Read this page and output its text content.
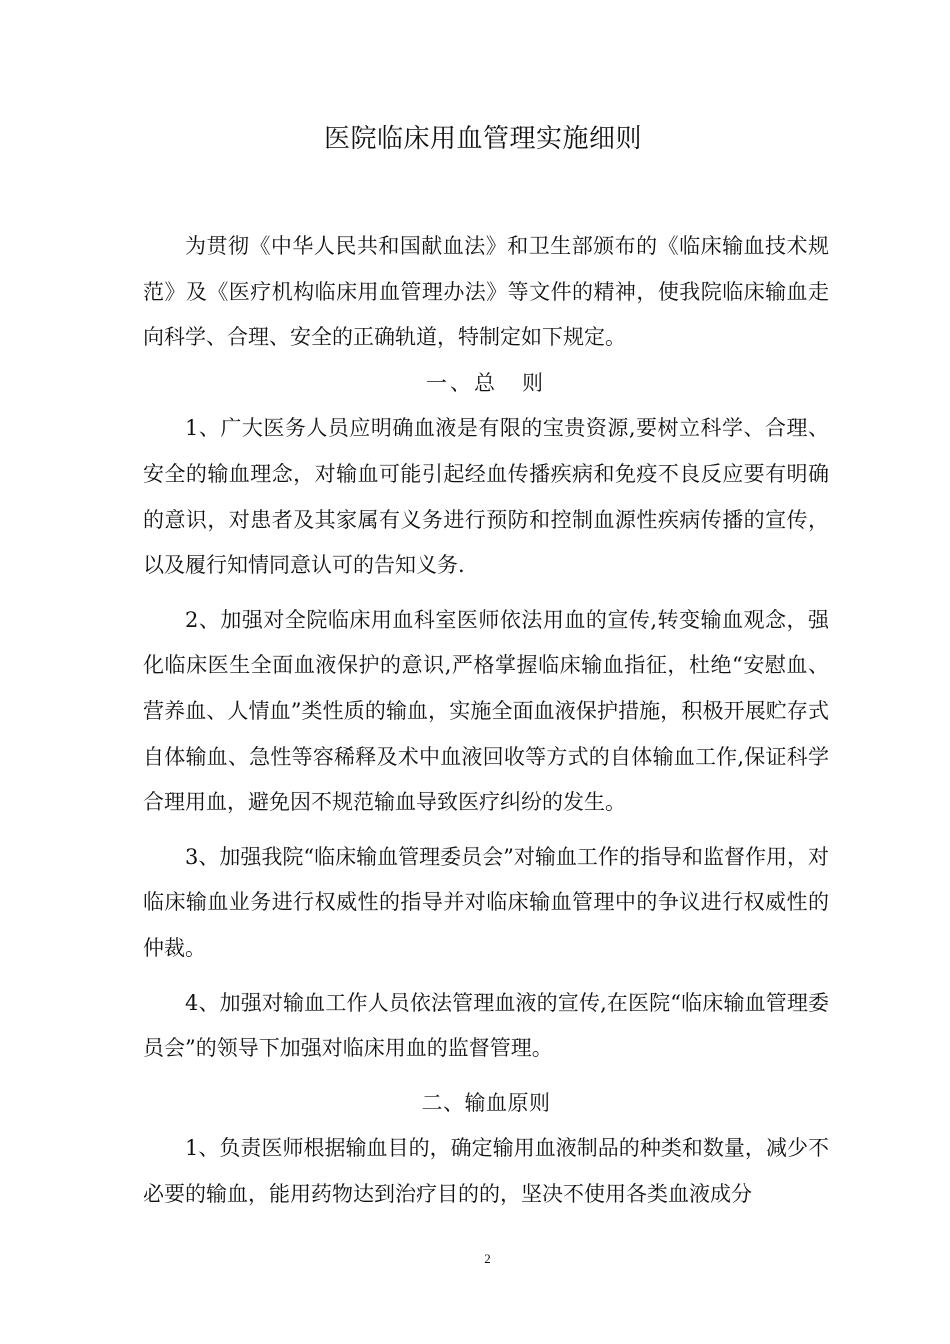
医院临床用血管理实施细则

为贯彻《中华人民共和国献血法》和卫生部颁布的《临床输血技术规范》及《医疗机构临床用血管理办法》等文件的精神，使我院临床输血走向科学、合理、安全的正确轨道，特制定如下规定。

一、总　则

1、广大医务人员应明确血液是有限的宝贵资源,要树立科学、合理、安全的输血理念，对输血可能引起经血传播疾病和免疫不良反应要有明确的意识，对患者及其家属有义务进行预防和控制血源性疾病传播的宣传，以及履行知情同意认可的告知义务.

2、加强对全院临床用血科室医师依法用血的宣传,转变输血观念，强化临床医生全面血液保护的意识,严格掌握临床输血指征，杜绝“安慰血、营养血、人情血”类性质的输血，实施全面血液保护措施，积极开展贮存式自体输血、急性等容稀释及术中血液回收等方式的自体输血工作,保证科学合理用血，避免因不规范输血导致医疗纠纷的发生。

3、加强我院“临床输血管理委员会”对输血工作的指导和监督作用，对临床输血业务进行权威性的指导并对临床输血管理中的争议进行权威性的仲裁。

4、加强对输血工作人员依法管理血液的宣传,在医院“临床输血管理委员会”的领导下加强对临床用血的监督管理。

二、输血原则

1、负责医师根据输血目的，确定输用血液制品的种类和数量，减少不必要的输血，能用药物达到治疗目的的，坚决不使用各类血液成分

2
